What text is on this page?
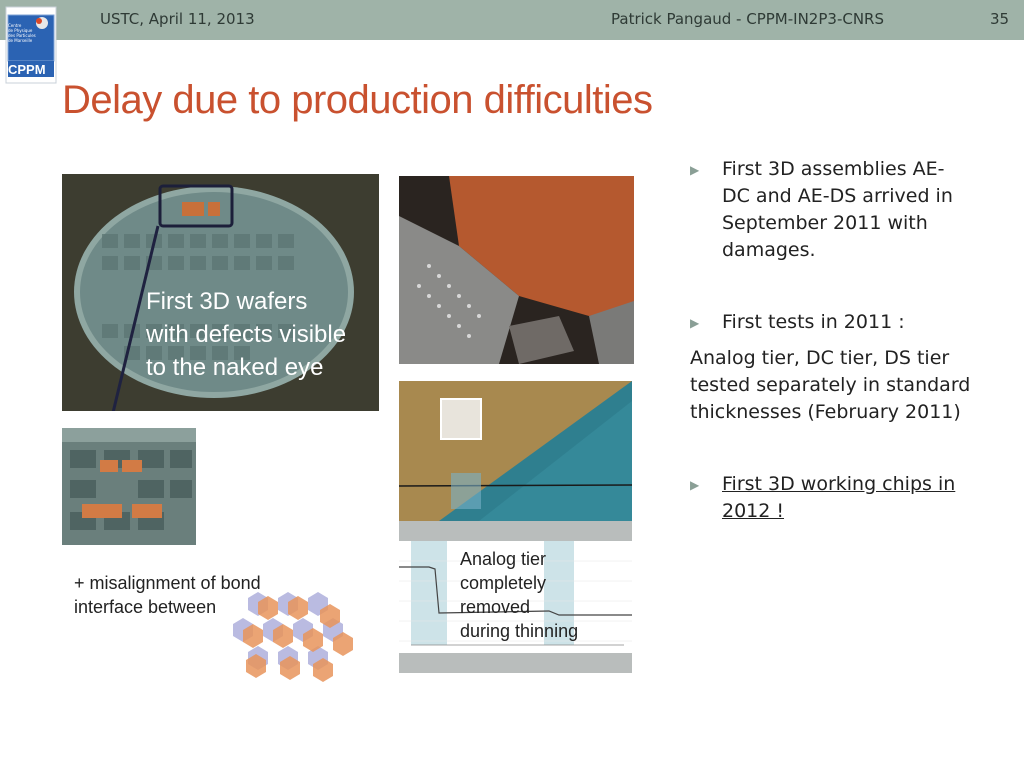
USTC, April 11, 2013	Patrick Pangaud - CPPM-IN2P3-CNRS	35
Centre
de Physique
des Particules
de Marseille
CPPM
Delay due to production difficulties
First 3D wafers
with defects visible
to the naked eye
Analog tier
completely
removed
during thinning
+ misalignment of bond
interface between
▶	First 3D assemblies AE-
DC and AE-DS arrived in
September 2011 with
damages.
▶	First tests in 2011 :
Analog tier, DC tier, DS tier
tested separately in standard
thicknesses (February 2011)
▶	First 3D working chips in
2012 !
